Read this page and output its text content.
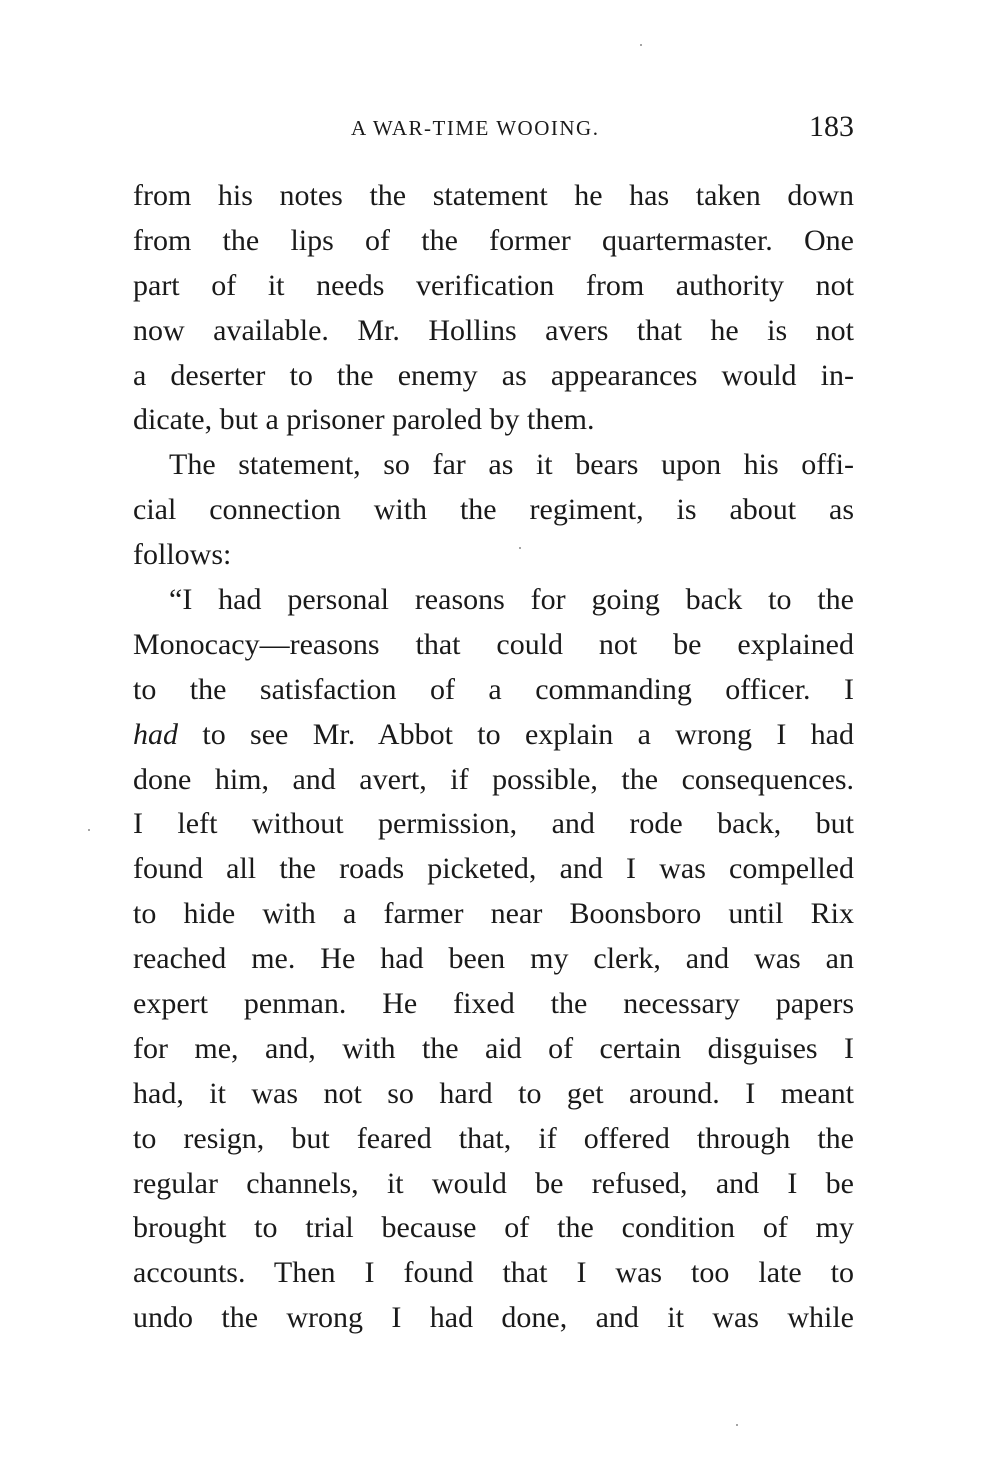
A WAR-TIME WOOING.	183
from his notes the statement he has taken down
from the lips of the former quartermaster. One
part of it needs verification from authority not
now available. Mr. Hollins avers that he is not
a deserter to the enemy as appearances would in-
dicate, but a prisoner paroled by them.
The statement, so far as it bears upon his offi-
cial connection with the regiment, is about as
follows:
“I had personal reasons for going back to the
Monocacy—reasons that could not be explained
to the satisfaction of a commanding officer. I
had to see Mr. Abbot to explain a wrong I had
done him, and avert, if possible, the consequences.
I left without permission, and rode back, but
found all the roads picketed, and I was compelled
to hide with a farmer near Boonsboro until Rix
reached me. He had been my clerk, and was an
expert penman. He fixed the necessary papers
for me, and, with the aid of certain disguises I
had, it was not so hard to get around. I meant
to resign, but feared that, if offered through the
regular channels, it would be refused, and I be
brought to trial because of the condition of my
accounts. Then I found that I was too late to
undo the wrong I had done, and it was while
